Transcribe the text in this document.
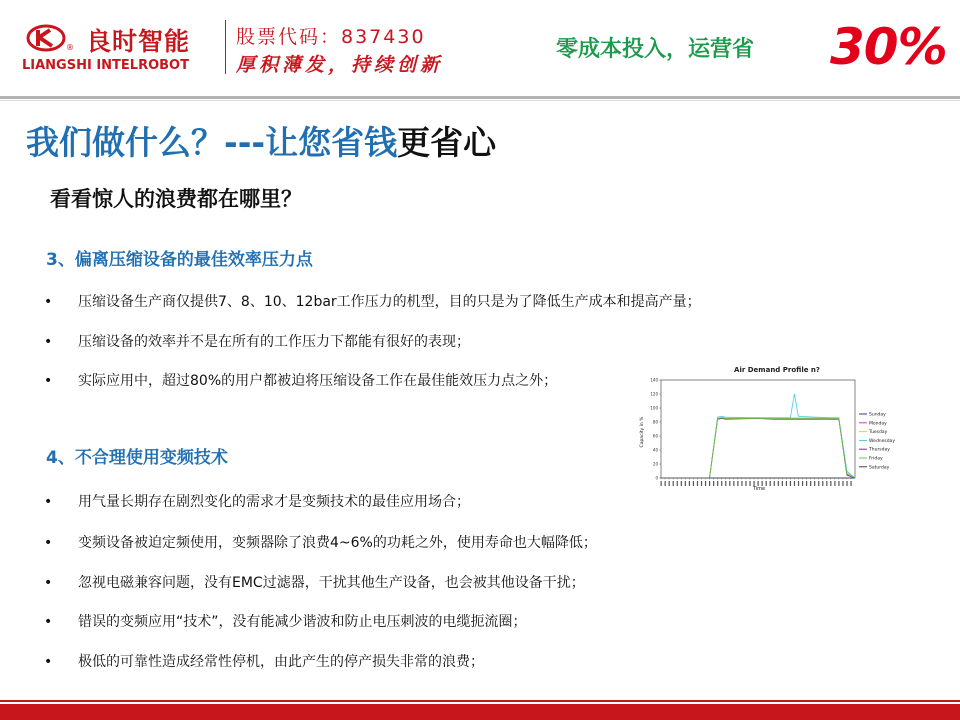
® 良时智能
LIANGSHI INTELROBOT
股票代码：837430
厚积薄发，持续创新
零成本投入，运营省 30%
我们做什么？---让您省钱更省心
看看惊人的浪费都在哪里？
3、偏离压缩设备的最佳效率压力点
• 压缩设备生产商仅提供7、8、10、12bar工作压力的机型，目的只是为了降低生产成本和提高产量；
• 压缩设备的效率并不是在所有的工作压力下都能有很好的表现；
• 实际应用中，超过80%的用户都被迫将压缩设备工作在最佳能效压力点之外；
4、不合理使用变频技术
• 用气量长期存在剧烈变化的需求才是变频技术的最佳应用场合；
• 变频设备被迫定频使用，变频器除了浪费4~6%的功耗之外，使用寿命也大幅降低；
• 忽视电磁兼容问题，没有EMC过滤器，干扰其他生产设备，也会被其他设备干扰；
• 错误的变频应用“技术”，没有能减少谐波和防止电压刺波的电缆扼流圈；
• 极低的可靠性造成经常性停机，由此产生的停产损失非常的浪费；
Air Demand Profile n?
Capacity in %
Time
0
20
40
60
80
100
120
140
Sunday
Monday
Tuesday
Wednesday
Thursday
Friday
Saturday
